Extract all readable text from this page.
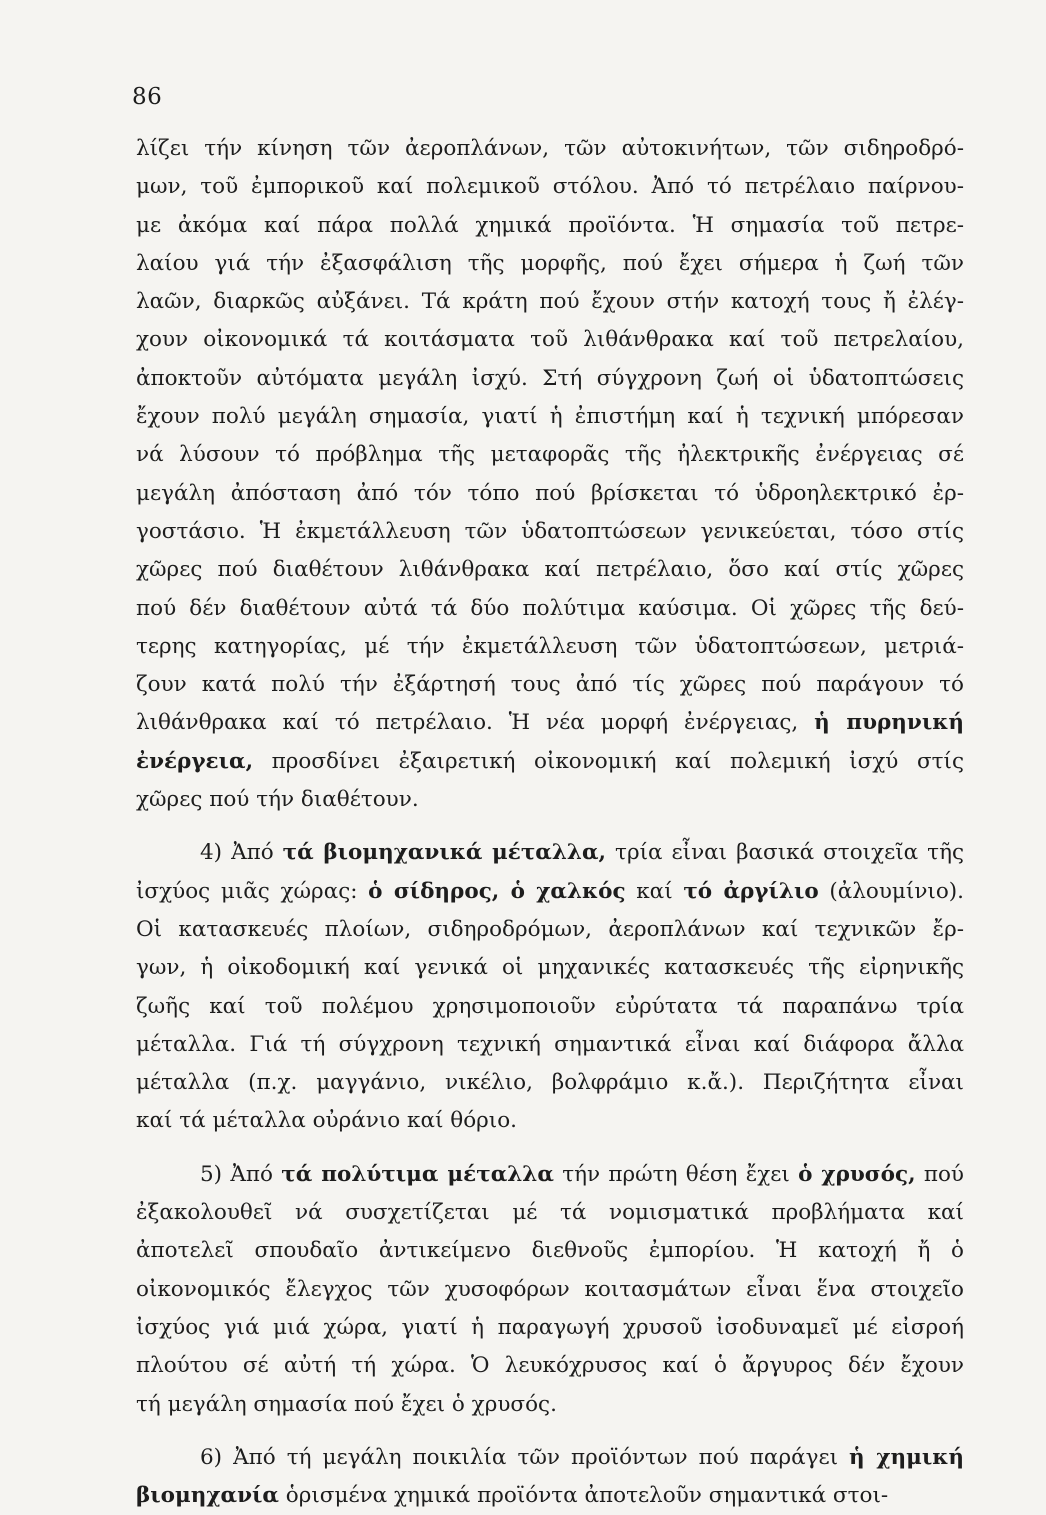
86
λίζει τήν κίνηση τῶν ἀεροπλάνων, τῶν αὐτοκινήτων, τῶν σιδηροδρό-
μων, τοῦ ἐμπορικοῦ καί πολεμικοῦ στόλου. Ἀπό τό πετρέλαιο παίρνου-
με ἀκόμα καί πάρα πολλά χημικά προϊόντα. Ἡ σημασία τοῦ πετρε-
λαίου γιά τήν ἐξασφάλιση τῆς μορφῆς, πού ἔχει σήμερα ἡ ζωή τῶν
λαῶν, διαρκῶς αὐξάνει. Τά κράτη πού ἔχουν στήν κατοχή τους ἤ ἐλέγ-
χουν οἰκονομικά τά κοιτάσματα τοῦ λιθάνθρακα καί τοῦ πετρελαίου,
ἀποκτοῦν αὐτόματα μεγάλη ἰσχύ. Στή σύγχρονη ζωή οἱ ὑδατοπτώσεις
ἔχουν πολύ μεγάλη σημασία, γιατί ἡ ἐπιστήμη καί ἡ τεχνική μπόρεσαν
νά λύσουν τό πρόβλημα τῆς μεταφορᾶς τῆς ἠλεκτρικῆς ἐνέργειας σέ
μεγάλη ἀπόσταση ἀπό τόν τόπο πού βρίσκεται τό ὑδροηλεκτρικό ἐρ-
γοστάσιο. Ἡ ἐκμετάλλευση τῶν ὑδατοπτώσεων γενικεύεται, τόσο στίς
χῶρες πού διαθέτουν λιθάνθρακα καί πετρέλαιο, ὅσο καί στίς χῶρες
πού δέν διαθέτουν αὐτά τά δύο πολύτιμα καύσιμα. Οἱ χῶρες τῆς δεύ-
τερης κατηγορίας, μέ τήν ἐκμετάλλευση τῶν ὑδατοπτώσεων, μετριά-
ζουν κατά πολύ τήν ἐξάρτησή τους ἀπό τίς χῶρες πού παράγουν τό
λιθάνθρακα καί τό πετρέλαιο. Ἡ νέα μορφή ἐνέργειας, ἡ πυρηνική
ἐνέργεια, προσδίνει ἐξαιρετική οἰκονομική καί πολεμική ἰσχύ στίς
χῶρες πού τήν διαθέτουν.
4) Ἀπό τά βιομηχανικά μέταλλα, τρία εἶναι βασικά στοιχεῖα τῆς
ἰσχύος μιᾶς χώρας: ὁ σίδηρος, ὁ χαλκός καί τό ἀργίλιο (ἀλουμίνιο).
Οἱ κατασκευές πλοίων, σιδηροδρόμων, ἀεροπλάνων καί τεχνικῶν ἔρ-
γων, ἡ οἰκοδομική καί γενικά οἱ μηχανικές κατασκευές τῆς εἰρηνικῆς
ζωῆς καί τοῦ πολέμου χρησιμοποιοῦν εὐρύτατα τά παραπάνω τρία
μέταλλα. Γιά τή σύγχρονη τεχνική σημαντικά εἶναι καί διάφορα ἄλλα
μέταλλα (π.χ. μαγγάνιο, νικέλιο, βολφράμιο κ.ἄ.). Περιζήτητα εἶναι
καί τά μέταλλα οὐράνιο καί θόριο.
5) Ἀπό τά πολύτιμα μέταλλα τήν πρώτη θέση ἔχει ὁ χρυσός, πού
ἐξακολουθεῖ νά συσχετίζεται μέ τά νομισματικά προβλήματα καί
ἀποτελεῖ σπουδαῖο ἀντικείμενο διεθνοῦς ἐμπορίου. Ἡ κατοχή ἤ ὁ
οἰκονομικός ἔλεγχος τῶν χυσοφόρων κοιτασμάτων εἶναι ἕνα στοιχεῖο
ἰσχύος γιά μιά χώρα, γιατί ἡ παραγωγή χρυσοῦ ἰσοδυναμεῖ μέ εἰσροή
πλούτου σέ αὐτή τή χώρα. Ὁ λευκόχρυσος καί ὁ ἄργυρος δέν ἔχουν
τή μεγάλη σημασία πού ἔχει ὁ χρυσός.
6) Ἀπό τή μεγάλη ποικιλία τῶν προϊόντων πού παράγει ἡ χημική
βιομηχανία ὁρισμένα χημικά προϊόντα ἀποτελοῦν σημαντικά στοι-
